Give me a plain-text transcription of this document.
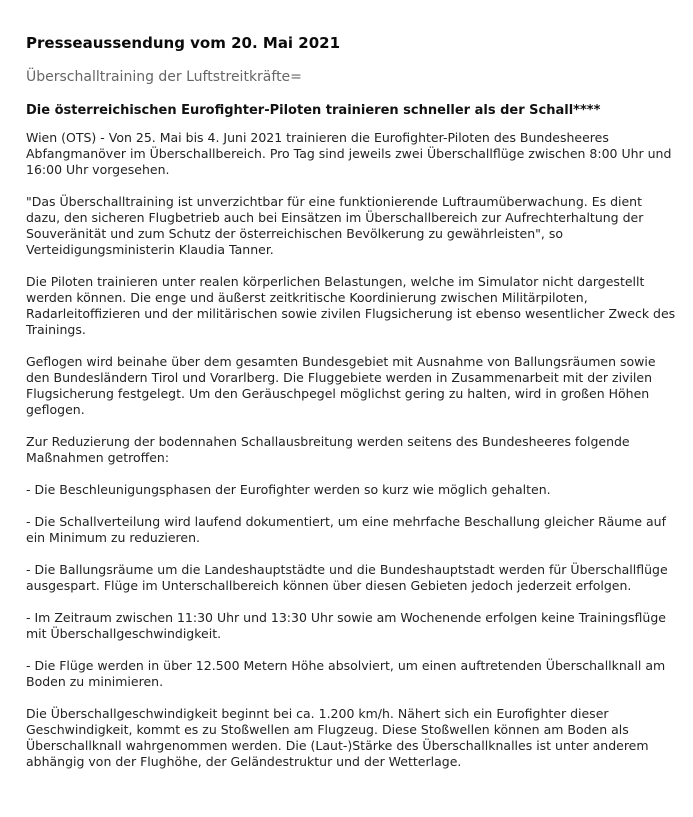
Presseaussendung vom 20. Mai 2021
Überschalltraining der Luftstreitkräfte=
Die österreichischen Eurofighter-Piloten trainieren schneller als der Schall****

Wien (OTS) - Von 25. Mai bis 4. Juni 2021 trainieren die Eurofighter-Piloten des Bundesheeres Abfangmanöver im Überschallbereich. Pro Tag sind jeweils zwei Überschallflüge zwischen 8:00 Uhr und 16:00 Uhr vorgesehen.

"Das Überschalltraining ist unverzichtbar für eine funktionierende Luftraumüberwachung. Es dient dazu, den sicheren Flugbetrieb auch bei Einsätzen im Überschallbereich zur Aufrechterhaltung der Souveränität und zum Schutz der österreichischen Bevölkerung zu gewährleisten", so Verteidigungsministerin Klaudia Tanner.

Die Piloten trainieren unter realen körperlichen Belastungen, welche im Simulator nicht dargestellt werden können. Die enge und äußerst zeitkritische Koordinierung zwischen Militärpiloten, Radarleitoffizieren und der militärischen sowie zivilen Flugsicherung ist ebenso wesentlicher Zweck des Trainings.

Geflogen wird beinahe über dem gesamten Bundesgebiet mit Ausnahme von Ballungsräumen sowie den Bundesländern Tirol und Vorarlberg. Die Fluggebiete werden in Zusammenarbeit mit der zivilen Flugsicherung festgelegt. Um den Geräuschpegel möglichst gering zu halten, wird in großen Höhen geflogen.

Zur Reduzierung der bodennahen Schallausbreitung werden seitens des Bundesheeres folgende Maßnahmen getroffen:

- Die Beschleunigungsphasen der Eurofighter werden so kurz wie möglich gehalten.

- Die Schallverteilung wird laufend dokumentiert, um eine mehrfache Beschallung gleicher Räume auf ein Minimum zu reduzieren.

- Die Ballungsräume um die Landeshauptstädte und die Bundeshauptstadt werden für Überschallflüge ausgespart. Flüge im Unterschallbereich können über diesen Gebieten jedoch jederzeit erfolgen.

- Im Zeitraum zwischen 11:30 Uhr und 13:30 Uhr sowie am Wochenende erfolgen keine Trainingsflüge mit Überschallgeschwindigkeit.

- Die Flüge werden in über 12.500 Metern Höhe absolviert, um einen auftretenden Überschallknall am Boden zu minimieren.

Die Überschallgeschwindigkeit beginnt bei ca. 1.200 km/h. Nähert sich ein Eurofighter dieser Geschwindigkeit, kommt es zu Stoßwellen am Flugzeug. Diese Stoßwellen können am Boden als Überschallknall wahrgenommen werden. Die (Laut-)Stärke des Überschallknalles ist unter anderem abhängig von der Flughöhe, der Geländestruktur und der Wetterlage.
